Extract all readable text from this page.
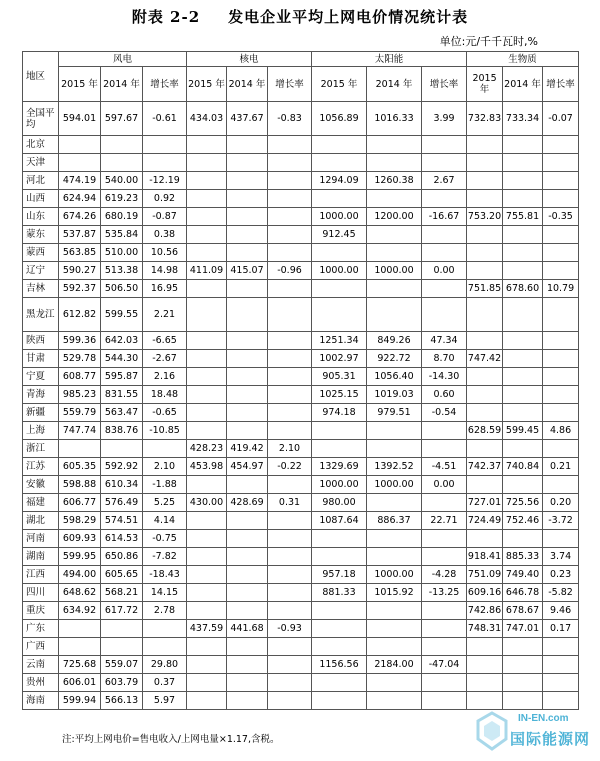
附表 2-2 发电企业平均上网电价情况统计表
单位:元/千千瓦时,%
地区	风电			核电			太阳能			生物质		
	2015 年	2014 年	增长率	2015 年	2014 年	增长率	2015 年	2014 年	增长率	2015 年	2014 年	增长率
全国平均	594.01	597.67	-0.61	434.03	437.67	-0.83	1056.89	1016.33	3.99	732.83	733.34	-0.07
北京												
天津												
河北	474.19	540.00	-12.19				1294.09	1260.38	2.67			
山西	624.94	619.23	0.92									
山东	674.26	680.19	-0.87				1000.00	1200.00	-16.67	753.20	755.81	-0.35
蒙东	537.87	535.84	0.38				912.45					
蒙西	563.85	510.00	10.56									
辽宁	590.27	513.38	14.98	411.09	415.07	-0.96	1000.00	1000.00	0.00			
吉林	592.37	506.50	16.95							751.85	678.60	10.79
黑龙江	612.82	599.55	2.21									
陕西	599.36	642.03	-6.65				1251.34	849.26	47.34			
甘肃	529.78	544.30	-2.67				1002.97	922.72	8.70	747.42		
宁夏	608.77	595.87	2.16				905.31	1056.40	-14.30			
青海	985.23	831.55	18.48				1025.15	1019.03	0.60			
新疆	559.79	563.47	-0.65				974.18	979.51	-0.54			
上海	747.74	838.76	-10.85							628.59	599.45	4.86
浙江				428.23	419.42	2.10						
江苏	605.35	592.92	2.10	453.98	454.97	-0.22	1329.69	1392.52	-4.51	742.37	740.84	0.21
安徽	598.88	610.34	-1.88				1000.00	1000.00	0.00			
福建	606.77	576.49	5.25	430.00	428.69	0.31	980.00			727.01	725.56	0.20
湖北	598.29	574.51	4.14				1087.64	886.37	22.71	724.49	752.46	-3.72
河南	609.93	614.53	-0.75									
湖南	599.95	650.86	-7.82							918.41	885.33	3.74
江西	494.00	605.65	-18.43				957.18	1000.00	-4.28	751.09	749.40	0.23
四川	648.62	568.21	14.15				881.33	1015.92	-13.25	609.16	646.78	-5.82
重庆	634.92	617.72	2.78							742.86	678.67	9.46
广东				437.59	441.68	-0.93				748.31	747.01	0.17
广西												
云南	725.68	559.07	29.80				1156.56	2184.00	-47.04			
贵州	606.01	603.79	0.37									
海南	599.94	566.13	5.97									
注:平均上网电价=售电收入/上网电量×1.17,含税。
IN-EN.com
国际能源网
